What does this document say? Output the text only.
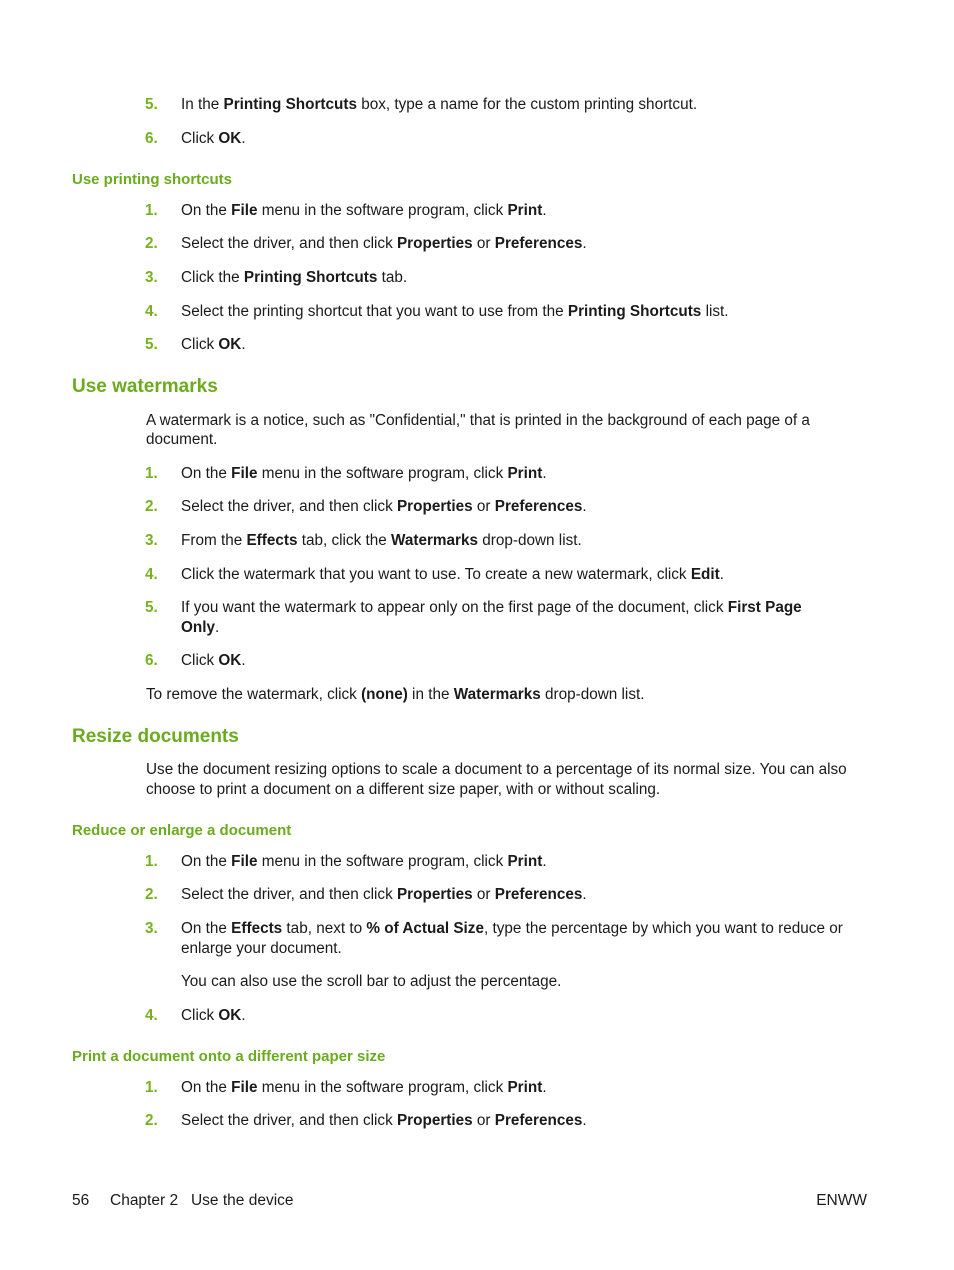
5. In the Printing Shortcuts box, type a name for the custom printing shortcut.
6. Click OK.
Use printing shortcuts
1. On the File menu in the software program, click Print.
2. Select the driver, and then click Properties or Preferences.
3. Click the Printing Shortcuts tab.
4. Select the printing shortcut that you want to use from the Printing Shortcuts list.
5. Click OK.
Use watermarks
A watermark is a notice, such as "Confidential," that is printed in the background of each page of a
document.
1. On the File menu in the software program, click Print.
2. Select the driver, and then click Properties or Preferences.
3. From the Effects tab, click the Watermarks drop-down list.
4. Click the watermark that you want to use. To create a new watermark, click Edit.
5. If you want the watermark to appear only on the first page of the document, click First Page
Only.
6. Click OK.
To remove the watermark, click (none) in the Watermarks drop-down list.
Resize documents
Use the document resizing options to scale a document to a percentage of its normal size. You can also
choose to print a document on a different size paper, with or without scaling.
Reduce or enlarge a document
1. On the File menu in the software program, click Print.
2. Select the driver, and then click Properties or Preferences.
3. On the Effects tab, next to % of Actual Size, type the percentage by which you want to reduce or
enlarge your document.
You can also use the scroll bar to adjust the percentage.
4. Click OK.
Print a document onto a different paper size
1. On the File menu in the software program, click Print.
2. Select the driver, and then click Properties or Preferences.
56 Chapter 2   Use the device	ENWW
